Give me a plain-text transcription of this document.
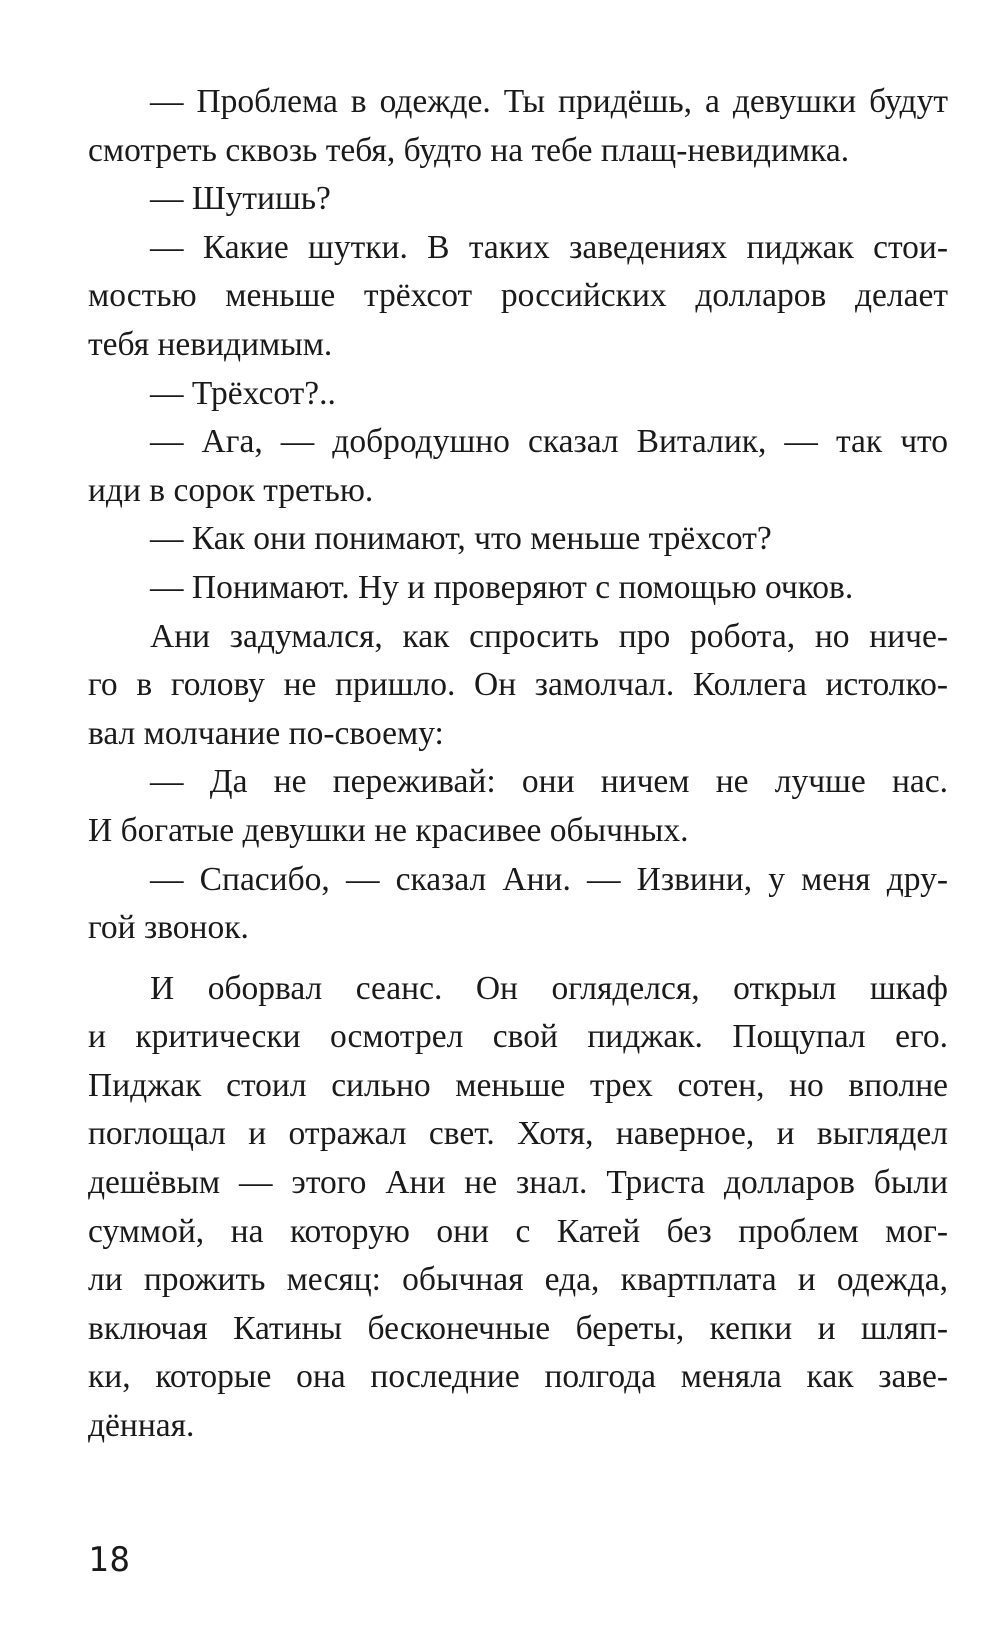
— Проблема в одежде. Ты придёшь, а девушки будут
смотреть сквозь тебя, будто на тебе плащ-невидимка.
— Шутишь?
— Какие шутки. В таких заведениях пиджак стои-
мостью меньше трёхсот российских долларов делает
тебя невидимым.
— Трёхсот?..
— Ага, — добродушно сказал Виталик, — так что
иди в сорок третью.
— Как они понимают, что меньше трёхсот?
— Понимают. Ну и проверяют с помощью очков.
Ани задумался, как спросить про робота, но ниче-
го в голову не пришло. Он замолчал. Коллега истолко-
вал молчание по-своему:
— Да не переживай: они ничем не лучше нас.
И богатые девушки не красивее обычных.
— Спасибо, — сказал Ани. — Извини, у меня дру-
гой звонок.
И оборвал сеанс. Он огляделся, открыл шкаф
и критически осмотрел свой пиджак. Пощупал его.
Пиджак стоил сильно меньше трех сотен, но вполне
поглощал и отражал свет. Хотя, наверное, и выглядел
дешёвым — этого Ани не знал. Триста долларов были
суммой, на которую они с Катей без проблем мог-
ли прожить месяц: обычная еда, квартплата и одежда,
включая Катины бесконечные береты, кепки и шляп-
ки, которые она последние полгода меняла как заве-
дённая.
18
